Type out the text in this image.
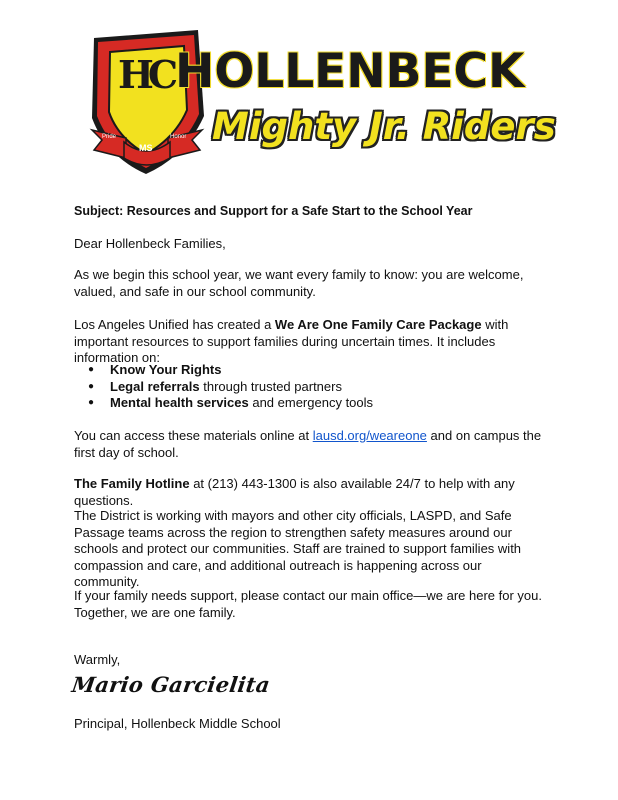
HC
Pride
MS
Honor
HOLLENBECK
Mighty Jr. Riders

Subject: Resources and Support for a Safe Start to the School Year

Dear Hollenbeck Families,

As we begin this school year, we want every family to know: you are welcome, valued, and safe in our school community.

Los Angeles Unified has created a We Are One Family Care Package with important resources to support families during uncertain times. It includes information on:

● Know Your Rights
● Legal referrals through trusted partners
● Mental health services and emergency tools

You can access these materials online at lausd.org/weareone and on campus the first day of school.

The Family Hotline at (213) 443-1300 is also available 24/7 to help with any questions.

The District is working with mayors and other city officials, LASPD, and Safe Passage teams across the region to strengthen safety measures around our schools and protect our communities. Staff are trained to support families with compassion and care, and additional outreach is happening across our community.

If your family needs support, please contact our main office—we are here for you. Together, we are one family.

Warmly,

Mario Garcielita

Principal, Hollenbeck Middle School
